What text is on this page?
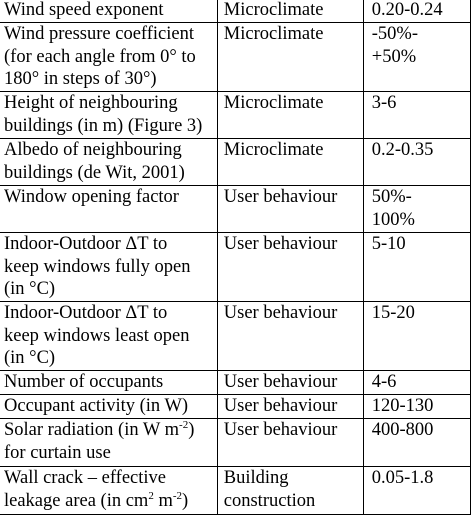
Wind speed exponent	Microclimate	0.20-0.24

Wind pressure coefficient
(for each angle from 0° to
180° in steps of 30°)	Microclimate	-50%-
+50%

Height of neighbouring
buildings (in m) (Figure 3)	Microclimate	3-6

Albedo of neighbouring
buildings (de Wit, 2001)	Microclimate	0.2-0.35

Window opening factor	User behaviour	50%-
100%

Indoor-Outdoor ΔT to
keep windows fully open
(in °C)	User behaviour	5-10

Indoor-Outdoor ΔT to
keep windows least open
(in °C)	User behaviour	15-20

Number of occupants	User behaviour	4-6

Occupant activity (in W)	User behaviour	120-130

Solar radiation (in W $m^{-2}$)
for curtain use	User behaviour	400-800

Wall crack – effective
leakage area (in $cm^2$ $m^{-2}$)	Building
construction	0.05-1.8
